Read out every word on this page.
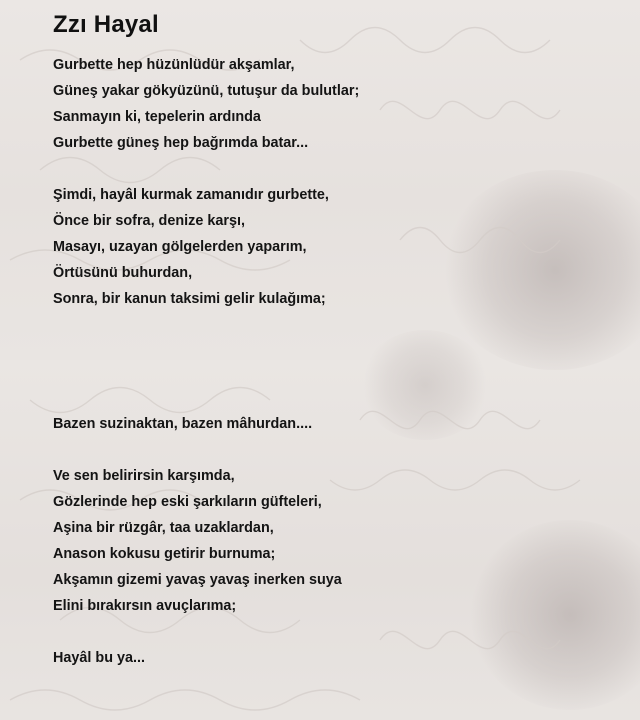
Zzı Hayal
Gurbette hep hüzünlüdür akşamlar,
Güneş yakar gökyüzünü, tutuşur da bulutlar;
Sanmayın ki, tepelerin ardında
Gurbette güneş hep bağrımda batar...
Şimdi, hayâl kurmak zamanıdır gurbette,
Önce bir sofra, denize karşı,
Masayı, uzayan gölgelerden yaparım,
Örtüsünü buhurdan,
Sonra, bir kanun taksimi gelir kulağıma;
Bazen suzinaktan, bazen mâhurdan....
Ve sen belirirsin karşımda,
Gözlerinde hep eski şarkıların güfteleri,
Aşina bir rüzgâr, taa uzaklardan,
Anason kokusu getirir burnuma;
Akşamın gizemi yavaş yavaş inerken suya
Elini bırakırsın avuçlarıma;
Hayâl bu ya...
